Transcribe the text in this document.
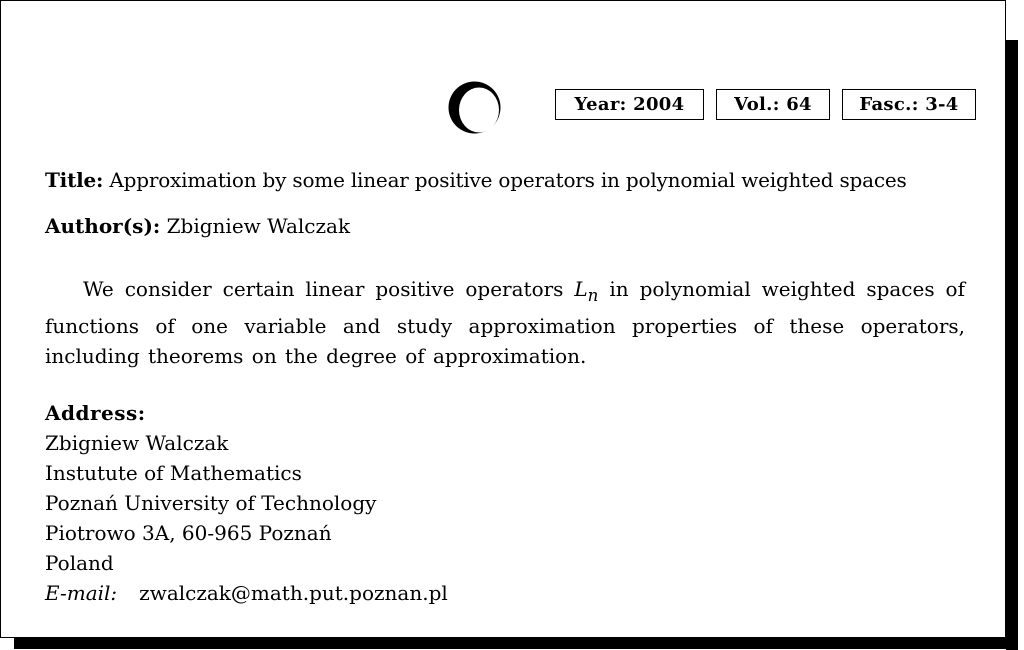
Year: 2004	Vol.: 64	Fasc.: 3-4
Title: Approximation by some linear positive operators in polynomial weighted spaces
Author(s): Zbigniew Walczak
We consider certain linear positive operators $L_n$ in polynomial weighted spaces of functions of one variable and study approximation properties of these operators, including theorems on the degree of approximation.
Address:
Zbigniew Walczak
Instutute of Mathematics
Poznań University of Technology
Piotrowo 3A, 60-965 Poznań
Poland
E-mail: zwalczak@math.put.poznan.pl
